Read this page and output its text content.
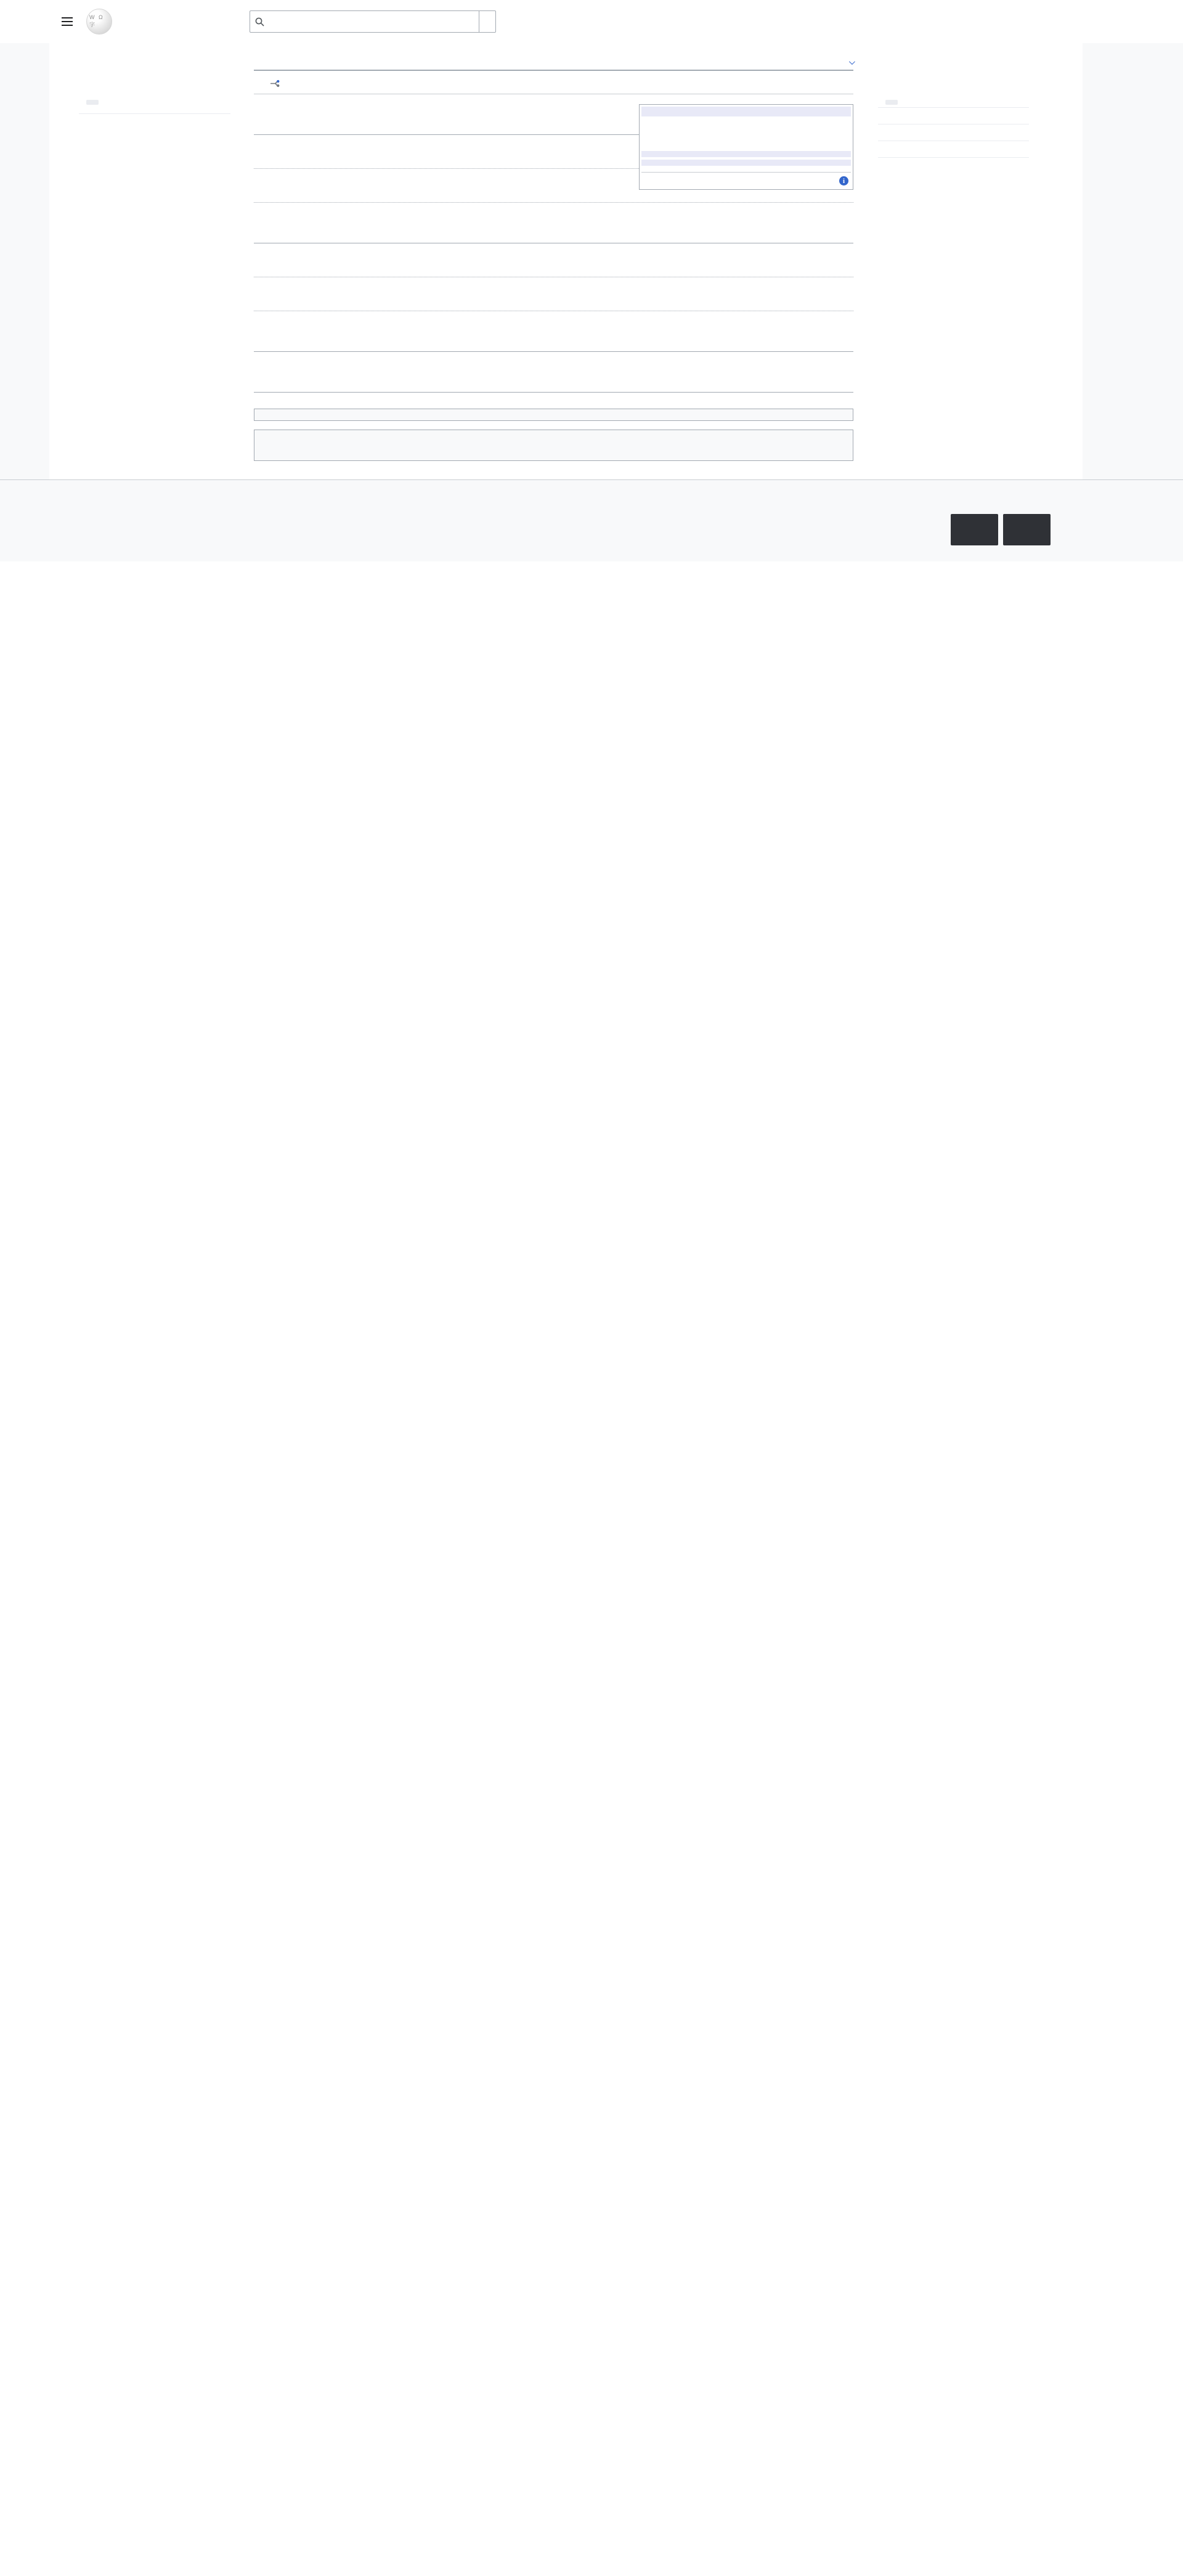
W Ω 字
i
